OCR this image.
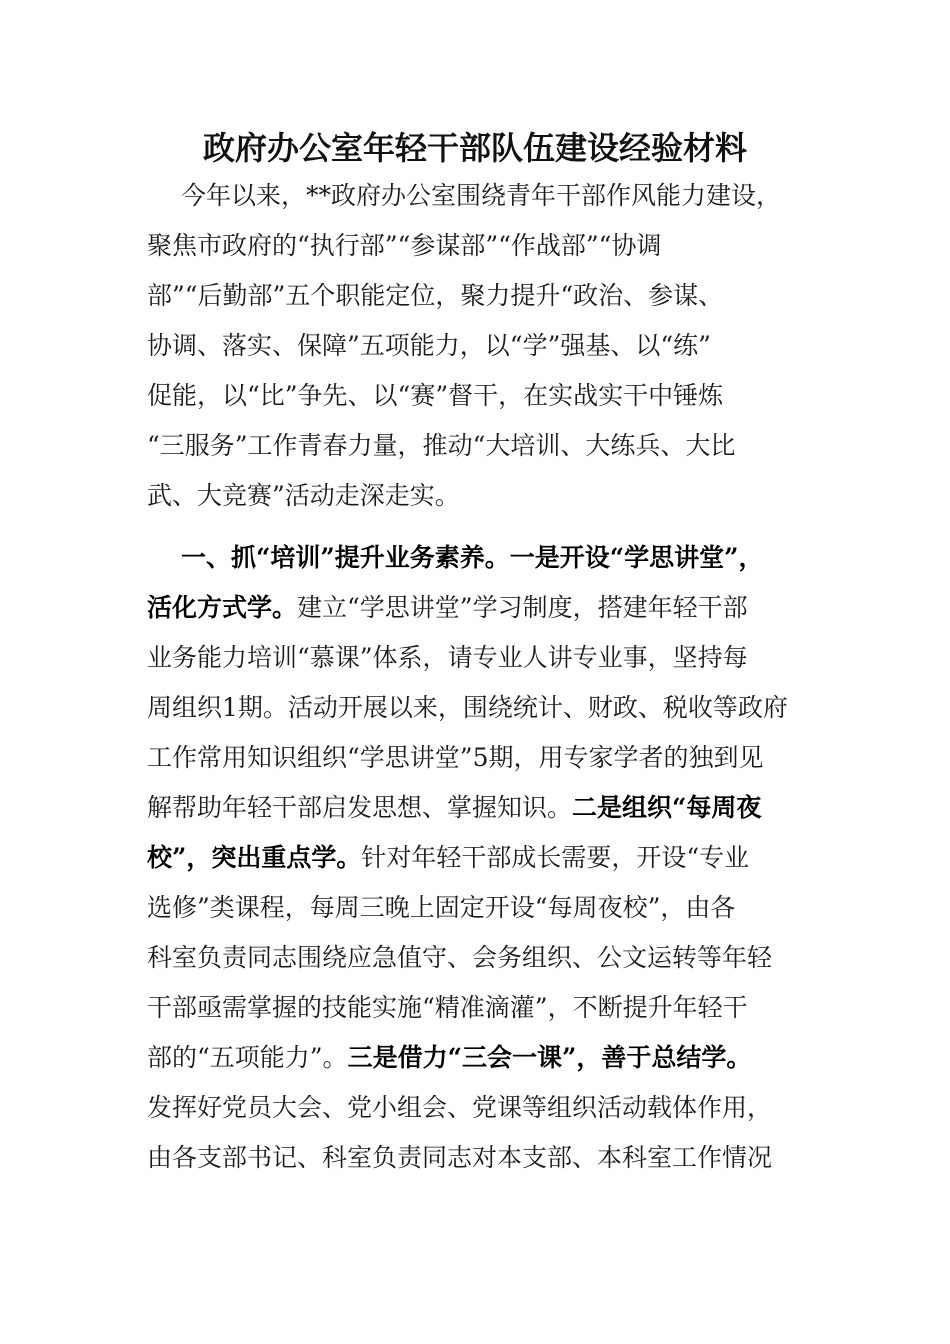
政府办公室年轻干部队伍建设经验材料
今年以来，**政府办公室围绕青年干部作风能力建设，
聚焦市政府的“执行部”“参谋部”“作战部”“协调
部”“后勤部”五个职能定位，聚力提升“政治、参谋、
协调、落实、保障”五项能力，以“学”强基、以“练”
促能，以“比”争先、以“赛”督干，在实战实干中锤炼
“三服务”工作青春力量，推动“大培训、大练兵、大比
武、大竞赛”活动走深走实。
一、抓“培训”提升业务素养。一是开设“学思讲堂”，
活化方式学。建立“学思讲堂”学习制度，搭建年轻干部
业务能力培训“慕课”体系，请专业人讲专业事，坚持每
周组织1期。活动开展以来，围绕统计、财政、税收等政府
工作常用知识组织“学思讲堂”5期，用专家学者的独到见
解帮助年轻干部启发思想、掌握知识。二是组织“每周夜
校”，突出重点学。针对年轻干部成长需要，开设“专业
选修”类课程，每周三晚上固定开设“每周夜校”，由各
科室负责同志围绕应急值守、会务组织、公文运转等年轻
干部亟需掌握的技能实施“精准滴灌”，不断提升年轻干
部的“五项能力”。三是借力“三会一课”，善于总结学。
发挥好党员大会、党小组会、党课等组织活动载体作用，
由各支部书记、科室负责同志对本支部、本科室工作情况
